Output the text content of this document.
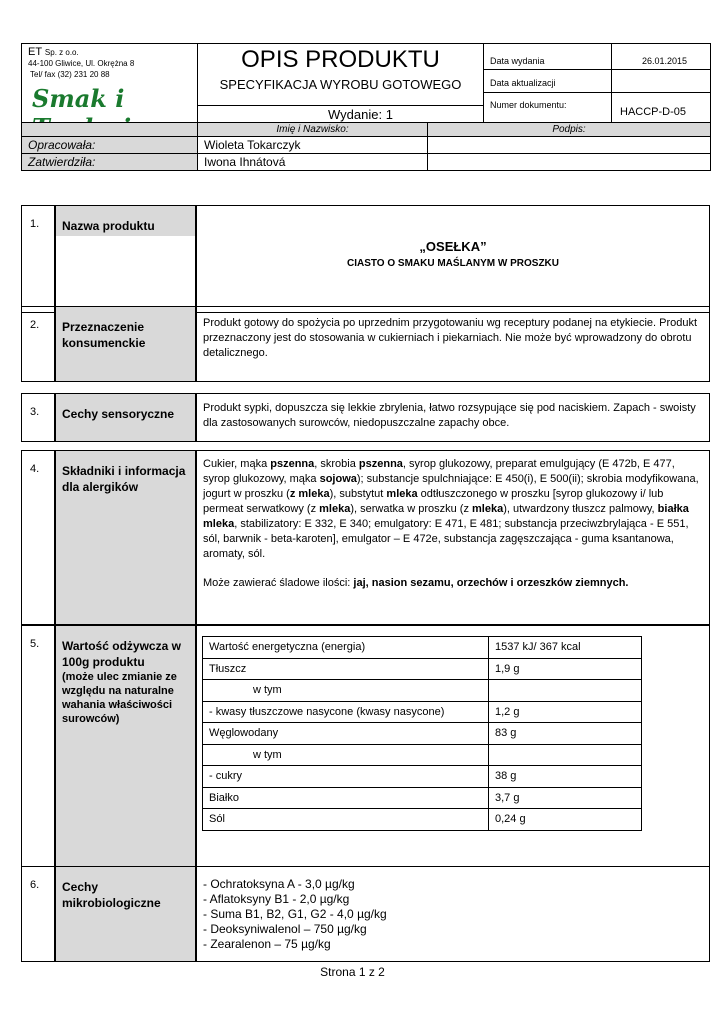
ET Sp. z o.o.
44-100 Gliwice, Ul. Okrężna 8
Tel/ fax (32) 231 20 88
Smak i
OPIS PRODUKTU
SPECYFIKACJA WYROBU GOTOWEGO
Wydanie: 1
Data wydania	26.01.2015
Data aktualizacji
Numer dokumentu:
HACCP-D-05
Imię i Nazwisko:	Podpis:
Opracowała:	Wioleta Tokarczyk
Zatwierdziła:	Iwona Ihnátová
1.	Nazwa produktu
„OSEŁKA”
CIASTO O SMAKU MAŚLANYM W PROSZKU
2.	Przeznaczenie konsumenckie
Produkt gotowy do spożycia po uprzednim przygotowaniu wg receptury podanej na etykiecie. Produkt przeznaczony jest do stosowania w cukierniach i piekarniach. Nie może być wprowadzony do obrotu detalicznego.
3.	Cechy sensoryczne	Produkt sypki, dopuszcza się lekkie zbrylenia, łatwo rozsypujące się pod naciskiem. Zapach - swoisty dla zastosowanych surowców, niedopuszczalne zapachy obce.
4.	Składniki i informacja dla alergików
Cukier, mąka pszenna, skrobia pszenna, syrop glukozowy, preparat emulgujący (E 472b, E 477, syrop glukozowy, mąka sojowa); substancje spulchniające: E 450(i), E 500(ii); skrobia modyfikowana, jogurt w proszku (z mleka), substytut mleka odtłuszczonego w proszku [syrop glukozowy i/ lub permeat serwatkowy (z mleka), serwatka w proszku (z mleka), utwardzony tłuszcz palmowy, białka mleka, stabilizatory: E 332, E 340; emulgatory: E 471, E 481; substancja przeciwzbrylająca - E 551, sól, barwnik - beta-karoten], emulgator – E 472e, substancja zagęszczająca - guma ksantanowa, aromaty, sól.
Może zawierać śladowe ilości: jaj, nasion sezamu, orzechów i orzeszków ziemnych.
5.	Wartość odżywcza w 100g produktu
(może ulec zmianie ze względu na naturalne wahania właściwości surowców)
Wartość energetyczna (energia)	1537 kJ/ 367 kcal
Tłuszcz	1,9 g
w tym	
- kwasy tłuszczowe nasycone (kwasy nasycone)	1,2 g
Węglowodany	83 g
w tym	
- cukry	38 g
Białko	3,7 g
Sól	0,24 g
6.	Cechy mikrobiologiczne
- Ochratoksyna A - 3,0 µg/kg
- Aflatoksyny B1 - 2,0 µg/kg
- Suma B1, B2, G1, G2 - 4,0 µg/kg
- Deoksyniwalenol – 750 µg/kg
- Zearalenon – 75 µg/kg
Strona 1 z 2
